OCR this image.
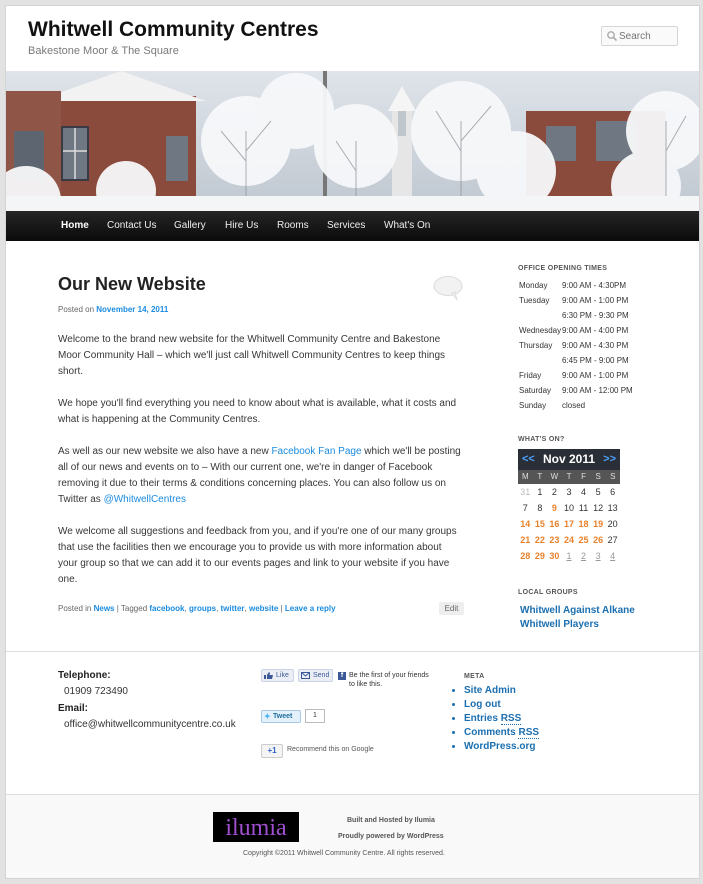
Whitwell Community Centres
Bakestone Moor & The Square
Search
Home Contact Us Gallery Hire Us Rooms Services What's On
Our New Website
Posted on November 14, 2011
Welcome to the brand new website for the Whitwell Community Centre and Bakestone Moor Community Hall – which we'll just call Whitwell Community Centres to keep things short.
We hope you'll find everything you need to know about what is available, what it costs and what is happening at the Community Centres.
As well as our new website we also have a new Facebook Fan Page which we'll be posting all of our news and events on to – With our current one, we're in danger of Facebook removing it due to their terms & conditions concerning places. You can also follow us on Twitter as @WhitwellCentres
We welcome all suggestions and feedback from you, and if you're one of our many groups that use the facilities then we encourage you to provide us with more information about your group so that we can add it to our events pages and link to your website if you have one.
Posted in News | Tagged facebook, groups, twitter, website | Leave a reply	Edit
OFFICE OPENING TIMES
Monday 9:00 AM - 4:30PM
Tuesday 9:00 AM - 1:00 PM
6:30 PM - 9:30 PM
Wednesday 9:00 AM - 4:00 PM
Thursday 9:00 AM - 4:30 PM
6:45 PM - 9:00 PM
Friday	9:00 AM - 1:00 PM
Saturday 9:00 AM - 12:00 PM
Sunday closed
WHAT'S ON?
<< Nov 2011 >>
M	T	W	T	F	S	S
31 1	2	3	4	5	6
7	8	9 10 11 12 13
14 15 16 17 18 19 20
21 22 23 24 25 26 27
28 29 30 1	2	3	4
LOCAL GROUPS
Whitwell Against Alkane
Whitwell Players
Telephone:
01909 723490
Email:
office@whitwellcommunitycentre.co.uk
Like	Send	f Be the first of your friends to like this.
✦ Tweet	1
+1	Recommend this on Google
META
• Site Admin
• Log out
• Entries RSS
• Comments RSS
• WordPress.org
ilumia	Built and Hosted by Ilumia
Proudly powered by WordPress
Copyright ©2011 Whitwell Community Centre. All rights reserved.
